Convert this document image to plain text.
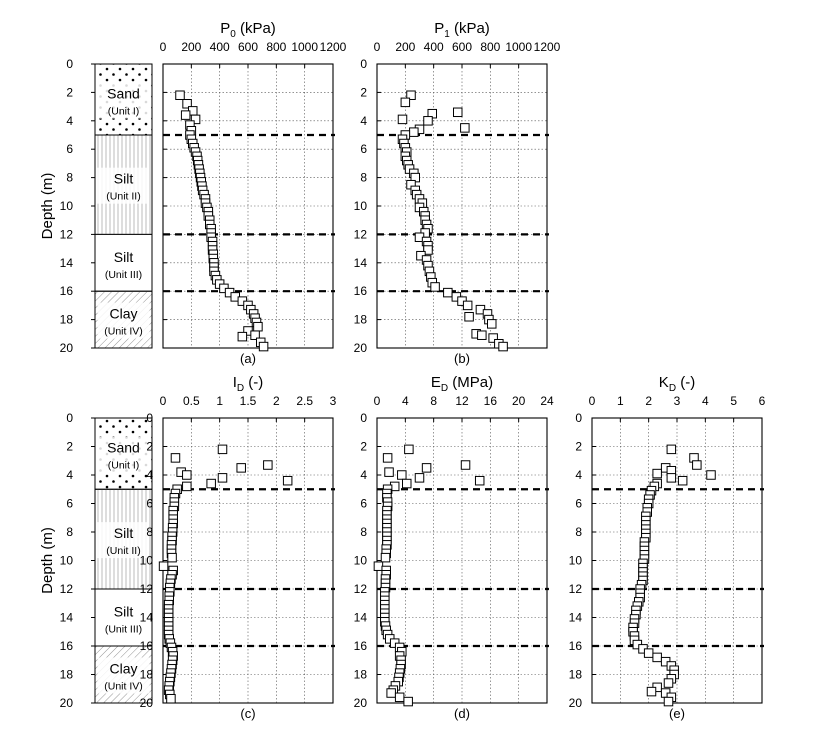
Sand
(Unit I)
Silt
(Unit II)
Silt
(Unit III)
Clay
(Unit IV)
0
2
4
6
8
10
12
14
16
18
20
Depth (m)
Sand
(Unit I)
Silt
(Unit II)
Silt
(Unit III)
Clay
(Unit IV)
0
2
4
6
8
10
12
14
16
18
20
Depth (m)
0 200 400 600 800 1000 1200
$P_0$ (kPa)
(a)
0 200 400 600 800 1000 1200
0
2
4
6
8
10
12
14
16
18
20
$P_1$ (kPa)
(b)
0 0.5 1 1.5 2 2.5 3
0
2
4
6
8
10
12
14
16
18
20
$I_D$ (-)
(c)
0 4 8 12 16 20 24
0
2
4
6
8
10
12
14
16
18
20
$E_D$ (MPa)
(d)
0 1 2 3 4 5 6
0
2
4
6
8
10
12
14
16
18
20
$K_D$ (-)
(e)
